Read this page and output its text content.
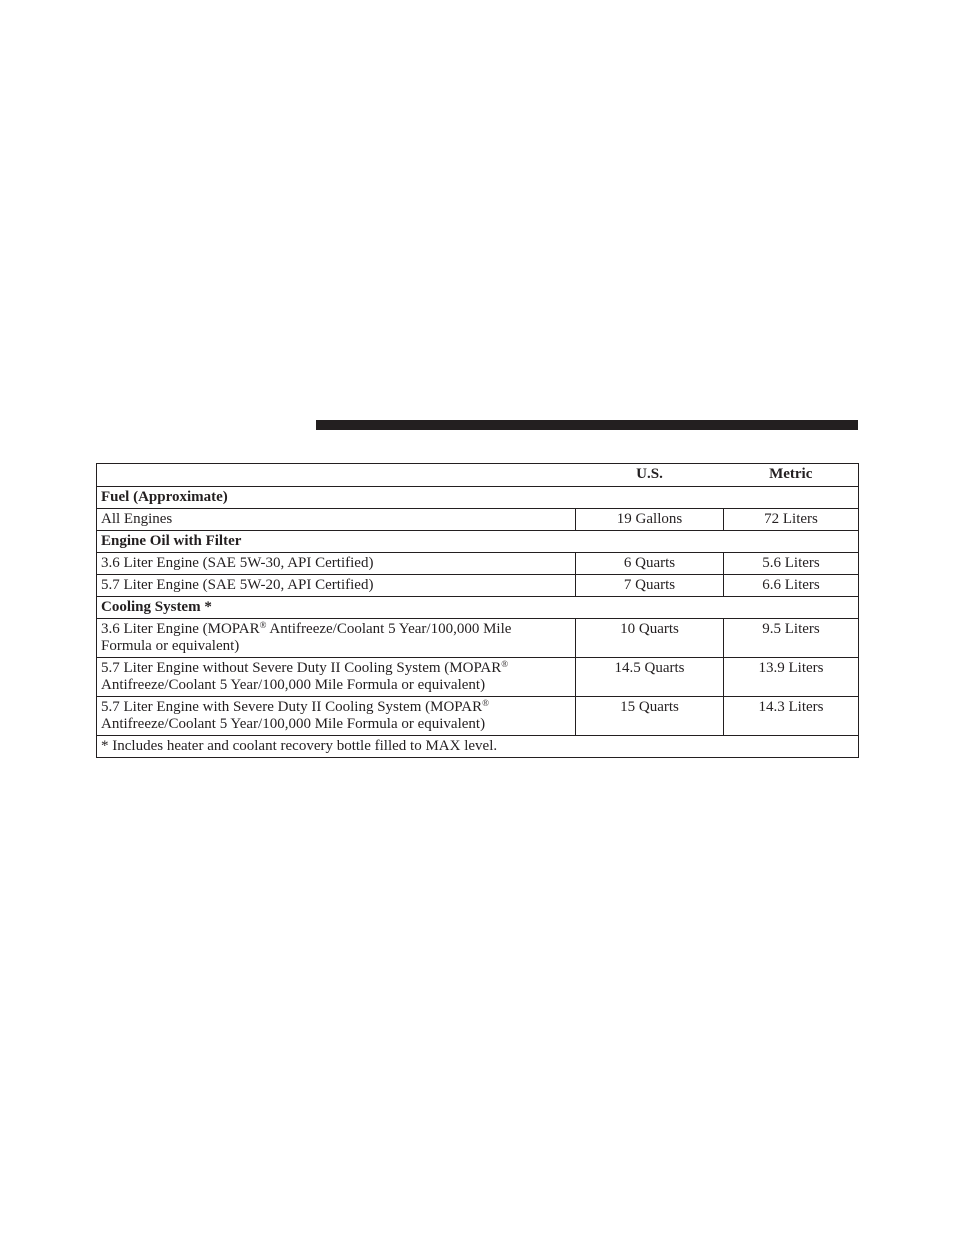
	U.S.	Metric
Fuel (Approximate)		
All Engines	19 Gallons	72 Liters
Engine Oil with Filter		
3.6 Liter Engine (SAE 5W-30, API Certified)	6 Quarts	5.6 Liters
5.7 Liter Engine (SAE 5W-20, API Certified)	7 Quarts	6.6 Liters
Cooling System *		
3.6 Liter Engine (MOPAR® Antifreeze/Coolant 5 Year/100,000 Mile
Formula or equivalent)	10 Quarts	9.5 Liters
5.7 Liter Engine without Severe Duty II Cooling System (MOPAR®
Antifreeze/Coolant 5 Year/100,000 Mile Formula or equivalent)	14.5 Quarts	13.9 Liters
5.7 Liter Engine with Severe Duty II Cooling System (MOPAR®
Antifreeze/Coolant 5 Year/100,000 Mile Formula or equivalent)	15 Quarts	14.3 Liters
* Includes heater and coolant recovery bottle filled to MAX level.		
